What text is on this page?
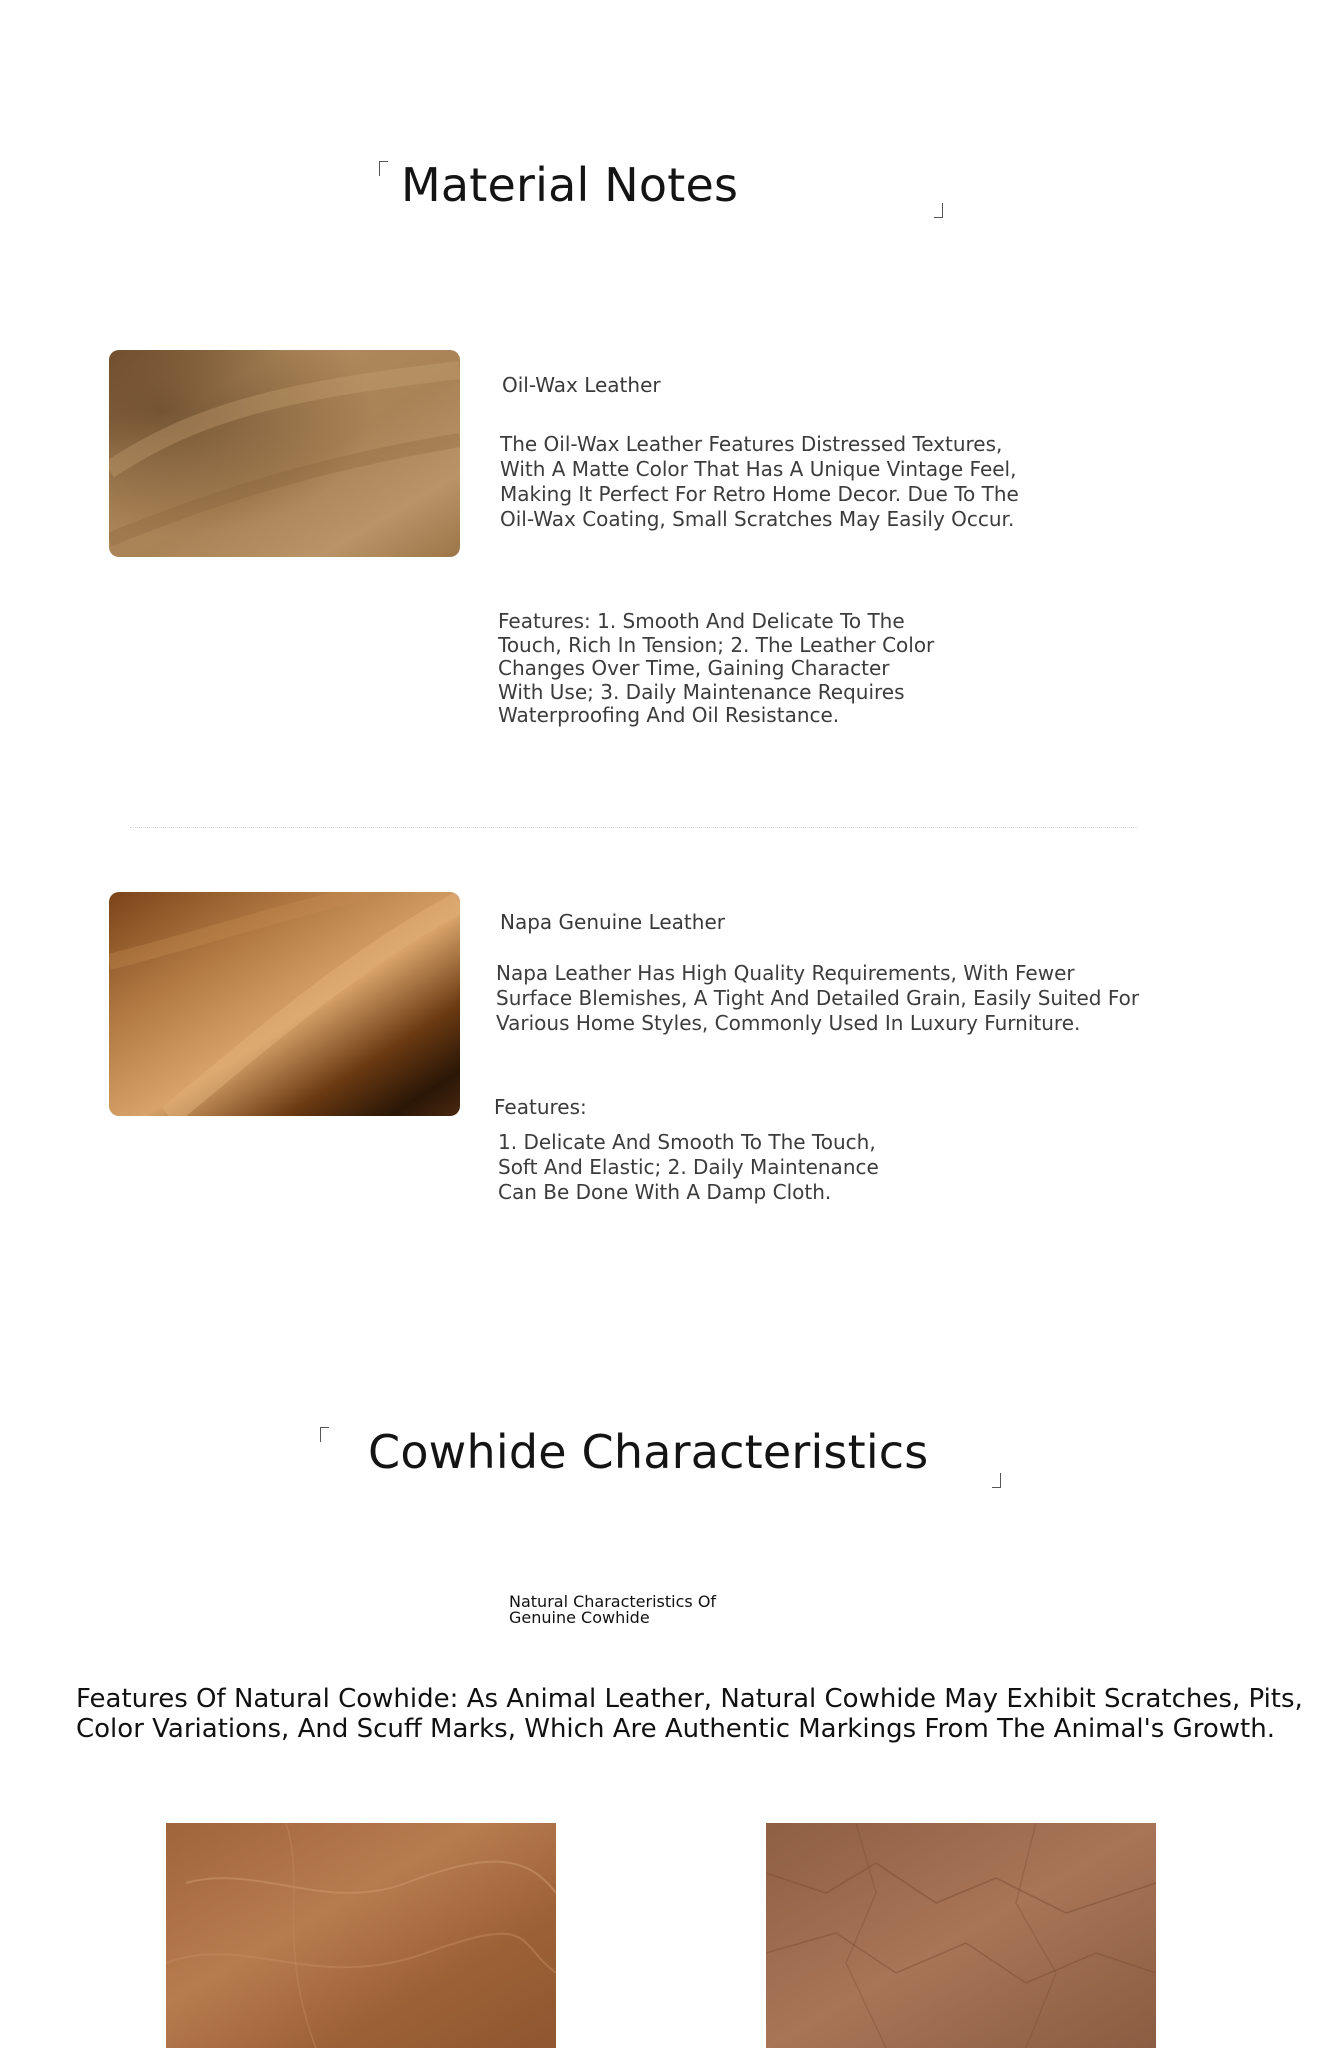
Material Notes

Oil-Wax Leather

The Oil-Wax Leather Features Distressed Textures, With A Matte Color That Has A Unique Vintage Feel, Making It Perfect For Retro Home Decor. Due To The Oil-Wax Coating, Small Scratches May Easily Occur.

Features: 1. Smooth And Delicate To The Touch, Rich In Tension; 2. The Leather Color Changes Over Time, Gaining Character With Use; 3. Daily Maintenance Requires Waterproofing And Oil Resistance.

Napa Genuine Leather

Napa Leather Has High Quality Requirements, With Fewer Surface Blemishes, A Tight And Detailed Grain, Easily Suited For Various Home Styles, Commonly Used In Luxury Furniture.

Features:

1. Delicate And Smooth To The Touch, Soft And Elastic; 2. Daily Maintenance Can Be Done With A Damp Cloth.

Cowhide Characteristics

Natural Characteristics Of Genuine Cowhide

Features Of Natural Cowhide: As Animal Leather, Natural Cowhide May Exhibit Scratches, Pits, Color Variations, And Scuff Marks, Which Are Authentic Markings From The Animal's Growth.
